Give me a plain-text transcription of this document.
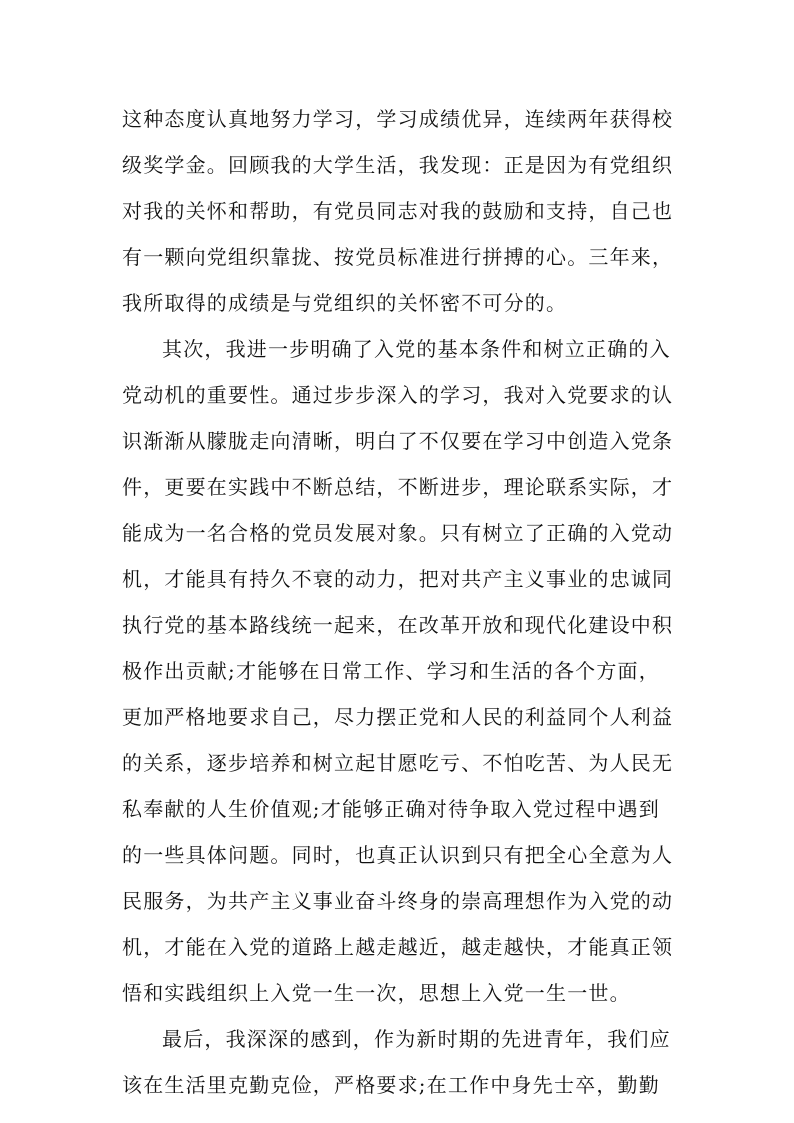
这种态度认真地努力学习，学习成绩优异，连续两年获得校
级奖学金。回顾我的大学生活，我发现：正是因为有党组织
对我的关怀和帮助，有党员同志对我的鼓励和支持，自己也
有一颗向党组织靠拢、按党员标准进行拼搏的心。三年来，
我所取得的成绩是与党组织的关怀密不可分的。
其次，我进一步明确了入党的基本条件和树立正确的入
党动机的重要性。通过步步深入的学习，我对入党要求的认
识渐渐从朦胧走向清晰，明白了不仅要在学习中创造入党条
件，更要在实践中不断总结，不断进步，理论联系实际，才
能成为一名合格的党员发展对象。只有树立了正确的入党动
机，才能具有持久不衰的动力，把对共产主义事业的忠诚同
执行党的基本路线统一起来，在改革开放和现代化建设中积
极作出贡献;才能够在日常工作、学习和生活的各个方面，
更加严格地要求自己，尽力摆正党和人民的利益同个人利益
的关系，逐步培养和树立起甘愿吃亏、不怕吃苦、为人民无
私奉献的人生价值观;才能够正确对待争取入党过程中遇到
的一些具体问题。同时，也真正认识到只有把全心全意为人
民服务，为共产主义事业奋斗终身的崇高理想作为入党的动
机，才能在入党的道路上越走越近，越走越快，才能真正领
悟和实践组织上入党一生一次，思想上入党一生一世。
最后，我深深的感到，作为新时期的先进青年，我们应
该在生活里克勤克俭，严格要求;在工作中身先士卒，勤勤
